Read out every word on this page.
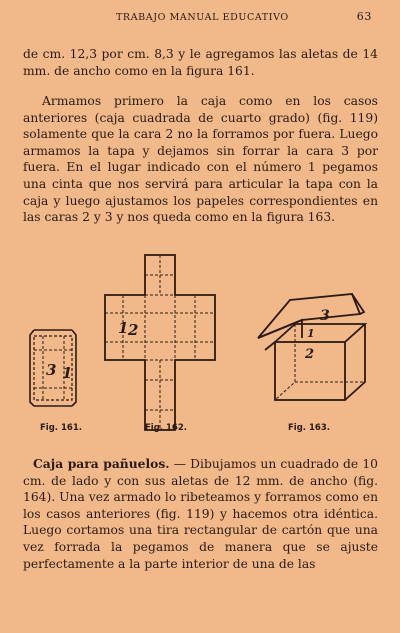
TRABAJO MANUAL EDUCATIVO	63
de cm. 12,3 por cm. 8,3 y le agregamos las aletas de 14 mm. de ancho como en la figura 161.
Armamos primero la caja como en los casos anteriores (caja cuadrada de cuarto grado) (fig. 119) solamente que la cara 2 no la forramos por fuera. Luego armamos la tapa y dejamos sin forrar la cara 3 por fuera. En el lugar indicado con el número 1 pegamos una cinta que nos servirá para articular la tapa con la caja y luego ajustamos los papeles correspondientes en las caras 2 y 3 y nos queda como en la figura 163.
3 1
1 2
3
1
2
Fig. 161.	Fig. 162.	Fig. 163.
Caja para pañuelos. — Dibujamos un cuadrado de 10 cm. de lado y con sus aletas de 12 mm. de ancho (fig. 164). Una vez armado lo ribeteamos y forramos como en los casos anteriores (fig. 119) y hacemos otra idéntica. Luego cortamos una tira rectangular de cartón que una vez forrada la pegamos de manera que se ajuste perfectamente a la parte interior de una de las
